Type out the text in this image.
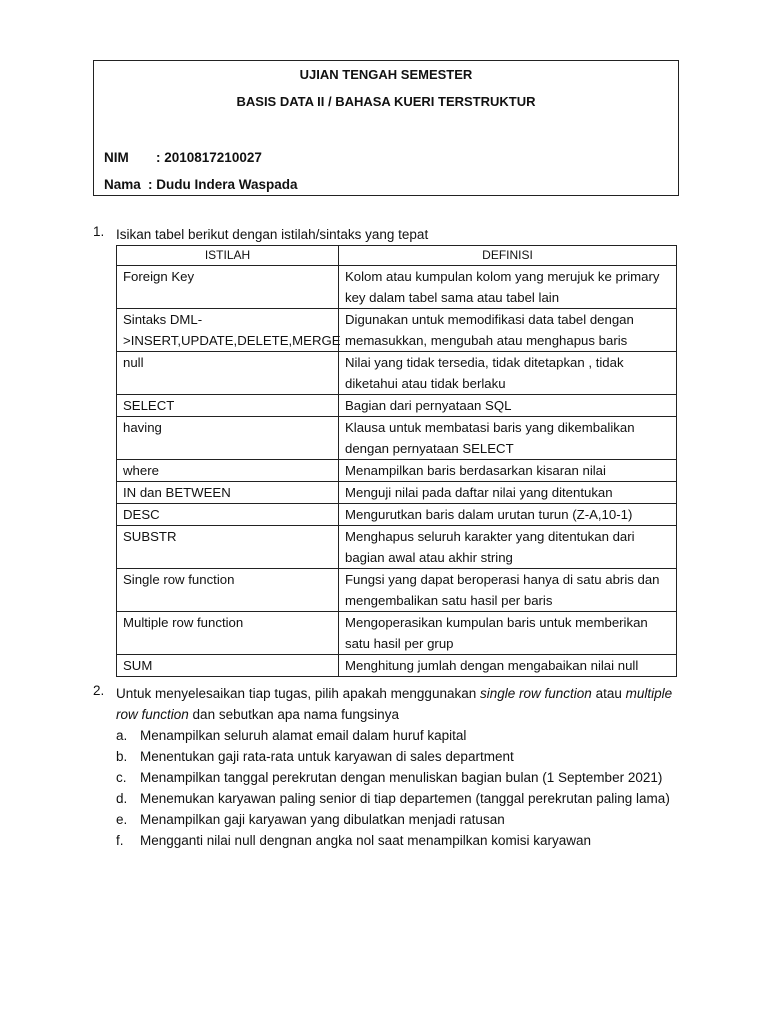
UJIAN TENGAH SEMESTER
BASIS DATA II / BAHASA KUERI TERSTRUKTUR
NIM : 2010817210027
Nama : Dudu Indera Waspada
1. Isikan tabel berikut dengan istilah/sintaks yang tepat
ISTILAH	DEFINISI
Foreign Key	Kolom atau kumpulan kolom yang merujuk ke primary key dalam tabel sama atau tabel lain
Sintaks DML->INSERT,UPDATE,DELETE,MERGE	Digunakan untuk memodifikasi data tabel dengan memasukkan, mengubah atau menghapus baris
null	Nilai yang tidak tersedia, tidak ditetapkan , tidak diketahui atau tidak berlaku
SELECT	Bagian dari pernyataan SQL
having	Klausa untuk membatasi baris yang dikembalikan dengan pernyataan SELECT
where	Menampilkan baris berdasarkan kisaran nilai
IN dan BETWEEN	Menguji nilai pada daftar nilai yang ditentukan
DESC	Mengurutkan baris dalam urutan turun (Z-A,10-1)
SUBSTR	Menghapus seluruh karakter yang ditentukan dari bagian awal atau akhir string
Single row function	Fungsi yang dapat beroperasi hanya di satu abris dan mengembalikan satu hasil per baris
Multiple row function	Mengoperasikan kumpulan baris untuk memberikan satu hasil per grup
SUM	Menghitung jumlah dengan mengabaikan nilai null
2. Untuk menyelesaikan tiap tugas, pilih apakah menggunakan single row function atau multiple row function dan sebutkan apa nama fungsinya
a. Menampilkan seluruh alamat email dalam huruf kapital
b. Menentukan gaji rata-rata untuk karyawan di sales department
c. Menampilkan tanggal perekrutan dengan menuliskan bagian bulan (1 September 2021)
d. Menemukan karyawan paling senior di tiap departemen (tanggal perekrutan paling lama)
e. Menampilkan gaji karyawan yang dibulatkan menjadi ratusan
f. Mengganti nilai null dengnan angka nol saat menampilkan komisi karyawan
